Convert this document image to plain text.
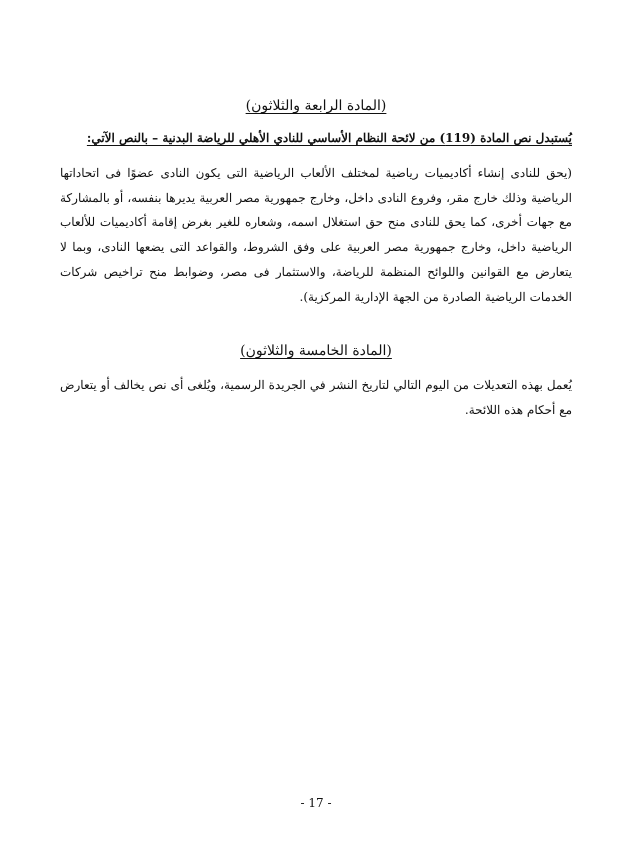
(المادة الرابعة والثلاثون)
يُستبدل نص المادة (119) من لائحة النظام الأساسي للنادي الأهلي للرياضة البدنية – بالنص الآتي:

(يحق للنادى إنشاء أكاديميات رياضية لمختلف الألعاب الرياضية التى يكون النادى عضوًا فى اتحاداتها الرياضية وذلك خارج مقر، وفروع النادى داخل، وخارج جمهورية مصر العربية يديرها بنفسه، أو بالمشاركة مع جهات أخرى، كما يحق للنادى منح حق استغلال اسمه، وشعاره للغير بغرض إقامة أكاديميات للألعاب الرياضية داخل، وخارج جمهورية مصر العربية على وفق الشروط، والقواعد التى يضعها النادى، وبما لا يتعارض مع القوانين واللوائح المنظمة للرياضة، والاستثمار فى مصر، وضوابط منح تراخيص شركات الخدمات الرياضية الصادرة من الجهة الإدارية المركزية).

(المادة الخامسة والثلاثون)

يُعمل بهذه التعديلات من اليوم التالي لتاريخ النشر في الجريدة الرسمية، ويُلغى أى نص يخالف أو يتعارض مع أحكام هذه اللائحة.

- 17 -
